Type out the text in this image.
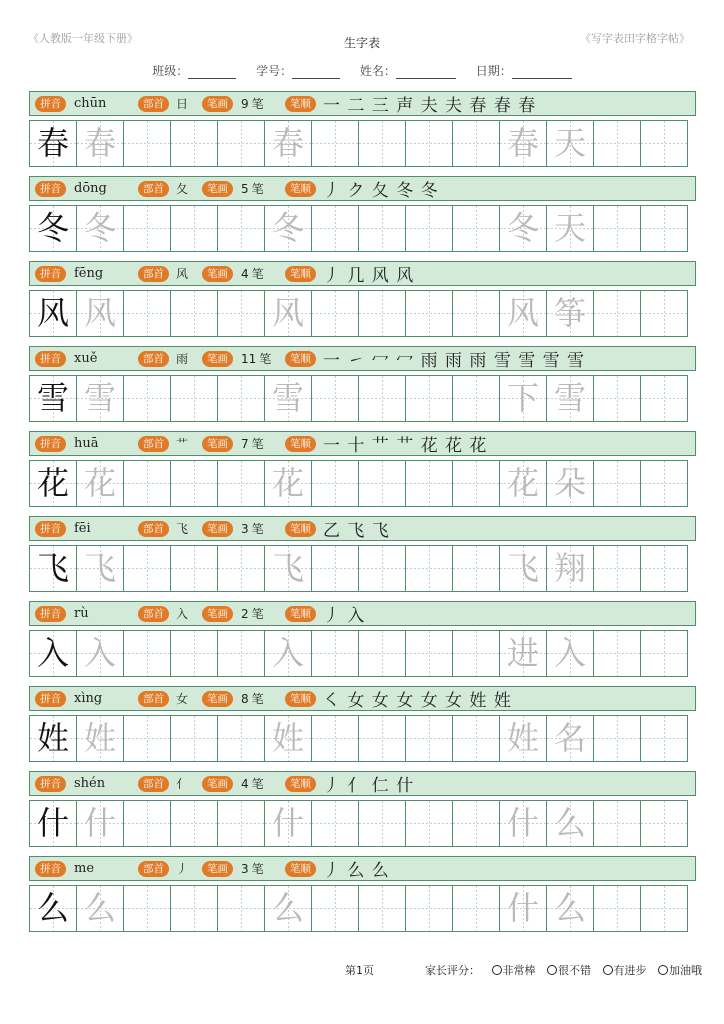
《人教版一年级下册》	生字表	《写字表田字格字帖》
班级：	学号：	姓名：	日期：
拼音	chūn	部首	日	笔画	9 笔	笔顺 一 二 三 声 夫 夫 春 春 春
春 春	春	春 天
拼音	dōng	部首	夂	笔画	5 笔	笔顺 丿 ク 夂 冬 冬
冬 冬	冬	冬 天
拼音	fēng	部首	风	笔画	4 笔	笔顺 丿 几 风 风
风 风	风	风 筝
拼音	xuě	部首	雨	笔画	11 笔	笔顺 一 ㇀ 冖 冖 雨 雨 雨 雪 雪 雪 雪
雪 雪	雪	下 雪
拼音	huā	部首	艹	笔画	7 笔	笔顺 一 十 艹 艹 花 花 花
花 花	花	花 朵
拼音	fēi	部首	飞	笔画	3 笔	笔顺 乙 飞 飞
飞 飞	飞	飞 翔
拼音	rù	部首	入	笔画	2 笔	笔顺 丿 入
入 入	入	进 入
拼音	xìng	部首	女	笔画	8 笔	笔顺 ㇛ 女 女 女 女 女 姓 姓
姓 姓	姓	姓 名
拼音	shén	部首	亻	笔画	4 笔	笔顺 丿 亻 仁 什
什 什	什	什 么
拼音	me	部首	丿	笔画	3 笔	笔顺 丿 么 么
么 么	么	什 么
第1页	家长评分： 非常棒 很不错 有进步 加油哦
